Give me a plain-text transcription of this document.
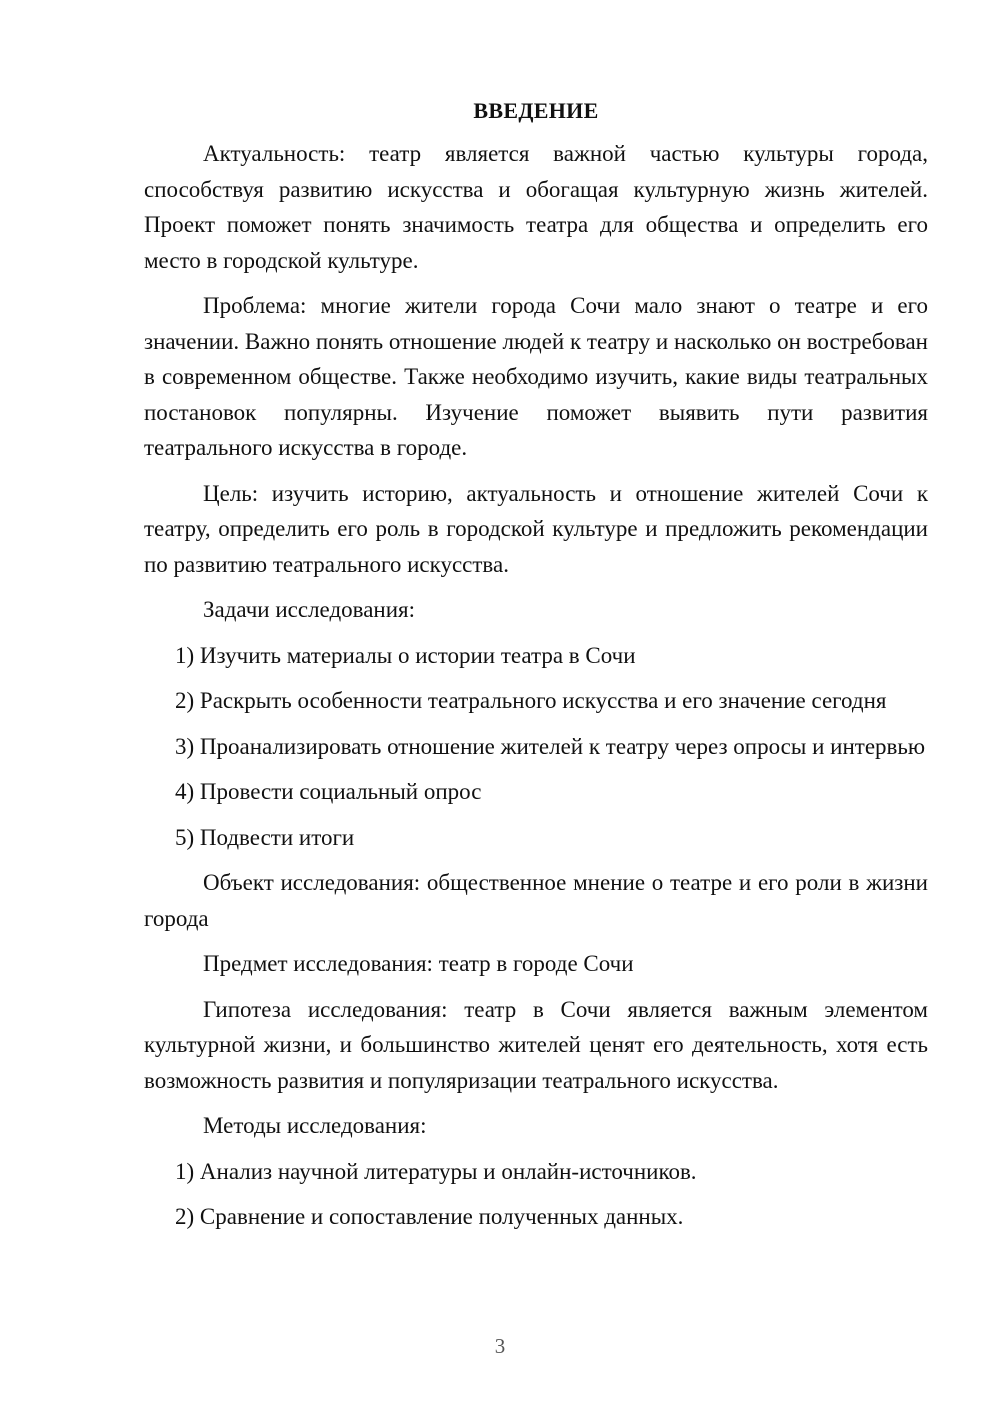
ВВЕДЕНИЕ

Актуальность: театр является важной частью культуры города, способствуя развитию искусства и обогащая культурную жизнь жителей. Проект поможет понять значимость театра для общества и определить его место в городской культуре.

Проблема: многие жители города Сочи мало знают о театре и его значении. Важно понять отношение людей к театру и насколько он востребован в современном обществе. Также необходимо изучить, какие виды театральных постановок популярны. Изучение поможет выявить пути развития театрального искусства в городе.

Цель: изучить историю, актуальность и отношение жителей Сочи к театру, определить его роль в городской культуре и предложить рекомендации по развитию театрального искусства.

Задачи исследования:

1) Изучить материалы о истории театра в Сочи

2) Раскрыть особенности театрального искусства и его значение сегодня

3) Проанализировать отношение жителей к театру через опросы и интервью

4) Провести социальный опрос

5) Подвести итоги

Объект исследования: общественное мнение о театре и его роли в жизни города

Предмет исследования: театр в городе Сочи

Гипотеза исследования: театр в Сочи является важным элементом культурной жизни, и большинство жителей ценят его деятельность, хотя есть возможность развития и популяризации театрального искусства.

Методы исследования:

1) Анализ научной литературы и онлайн-источников.

2) Сравнение и сопоставление полученных данных.

3
